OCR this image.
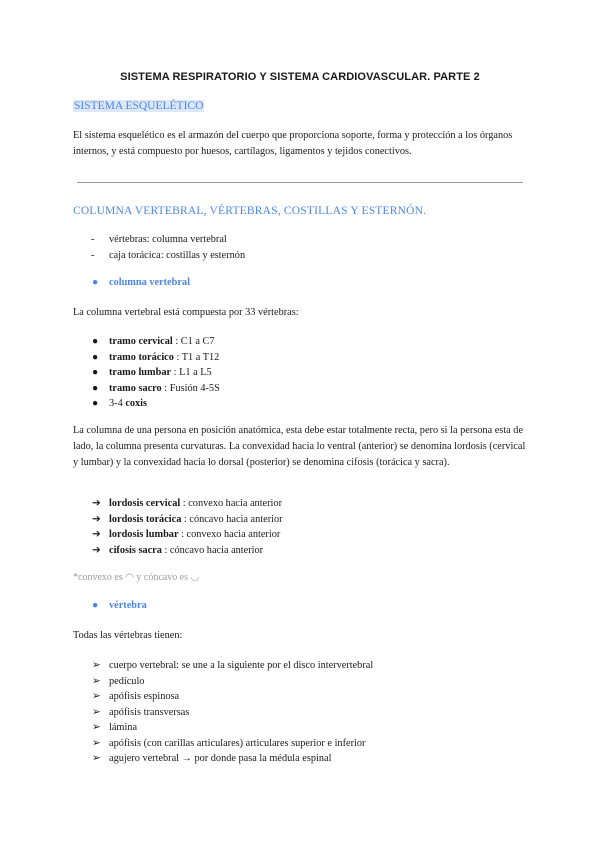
SISTEMA RESPIRATORIO Y SISTEMA CARDIOVASCULAR. PARTE 2
SISTEMA ESQUELÉTICO
El sistema esquelético es el armazón del cuerpo que proporciona soporte, forma y protección a los órganos internos, y está compuesto por huesos, cartílagos, ligamentos y tejidos conectivos.
COLUMNA VERTEBRAL, VÉRTEBRAS, COSTILLAS Y ESTERNÓN.
- vértebras: columna vertebral
- caja torácica: costillas y esternón
● columna vertebral
La columna vertebral está compuesta por 33 vértebras:
● tramo cervical : C1 a C7
● tramo torácico : T1 a T12
● tramo lumbar : L1 a L5
● tramo sacro : Fusión 4-5S
● 3-4 coxis
La columna de una persona en posición anatómica, esta debe estar totalmente recta, pero si la persona esta de lado, la columna presenta curvaturas. La convexidad hacia lo ventral (anterior) se denomina lordosis (cervical y lumbar) y la convexidad hacia lo dorsal (posterior) se denomina cifosis (torácica y sacra).
➔ lordosis cervical : convexo hacia anterior
➔ lordosis torácica : cóncavo hacia anterior
➔ lordosis lumbar : convexo hacia anterior
➔ cifosis sacra : cóncavo hacia anterior
*convexo es ◠ y cóncavo es ◡
● vértebra
Todas las vértebras tienen:
➢ cuerpo vertebral: se une a la siguiente por el disco intervertebral
➢ pedículo
➢ apófisis espinosa
➢ apófisis transversas
➢ lámina
➢ apófisis (con carillas articulares) articulares superior e inferior
➢ agujero vertebral → por donde pasa la médula espinal
